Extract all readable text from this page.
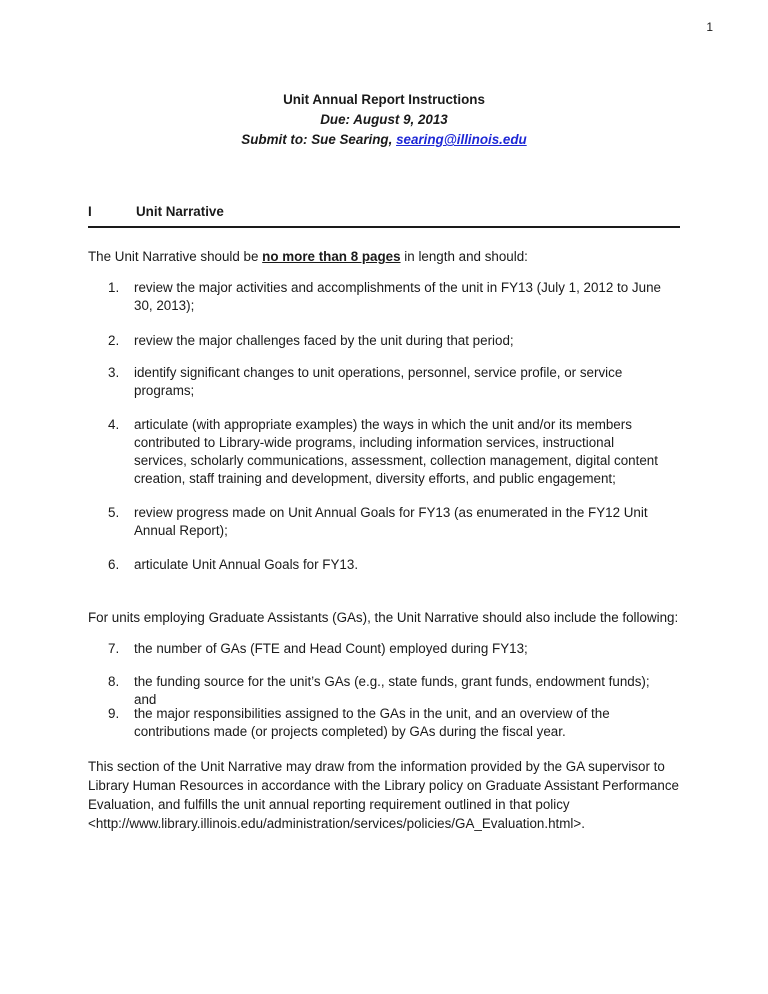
1
Unit Annual Report Instructions
Due: August 9, 2013
Submit to: Sue Searing, searing@illinois.edu
I	Unit Narrative
The Unit Narrative should be no more than 8 pages in length and should:
1. review the major activities and accomplishments of the unit in FY13 (July 1, 2012 to June 30, 2013);
2. review the major challenges faced by the unit during that period;
3. identify significant changes to unit operations, personnel, service profile, or service programs;
4. articulate (with appropriate examples) the ways in which the unit and/or its members contributed to Library-wide programs, including information services, instructional services, scholarly communications, assessment, collection management, digital content creation, staff training and development, diversity efforts, and public engagement;
5. review progress made on Unit Annual Goals for FY13 (as enumerated in the FY12 Unit Annual Report);
6. articulate Unit Annual Goals for FY13.
For units employing Graduate Assistants (GAs), the Unit Narrative should also include the following:
7. the number of GAs (FTE and Head Count) employed during FY13;
8. the funding source for the unit’s GAs (e.g., state funds, grant funds, endowment funds); and
9. the major responsibilities assigned to the GAs in the unit, and an overview of the contributions made (or projects completed) by GAs during the fiscal year.
This section of the Unit Narrative may draw from the information provided by the GA supervisor to Library Human Resources in accordance with the Library policy on Graduate Assistant Performance Evaluation, and fulfills the unit annual reporting requirement outlined in that policy <http://www.library.illinois.edu/administration/services/policies/GA_Evaluation.html>.
